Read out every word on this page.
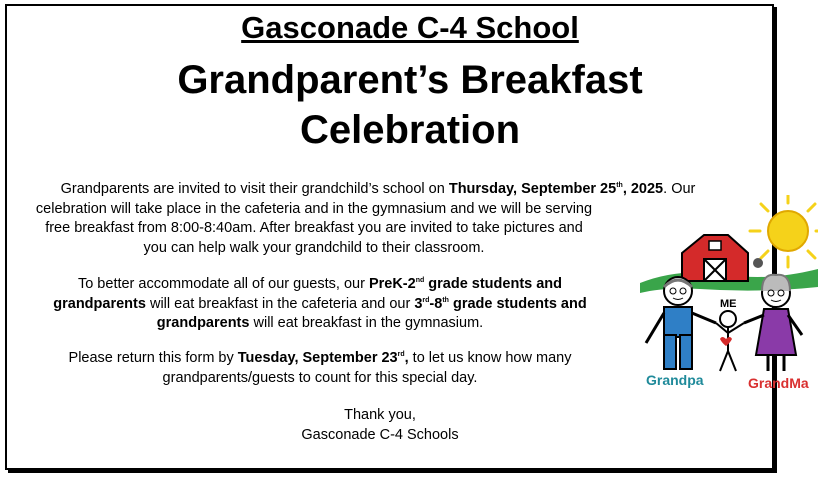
Gasconade C-4 School
Grandparent’s Breakfast
Celebration
Grandparents are invited to visit their grandchild’s school on Thursday, September 25th, 2025. Our
celebration will take place in the cafeteria and in the gymnasium and we will be serving
free breakfast from 8:00-8:40am. After breakfast you are invited to take pictures and
you can help walk your grandchild to their classroom.
To better accommodate all of our guests, our PreK-2nd grade students and
grandparents will eat breakfast in the cafeteria and our 3rd-8th grade students and
grandparents will eat breakfast in the gymnasium.
Please return this form by Tuesday, September 23rd, to let us know how many
grandparents/guests to count for this special day.
Thank you,
Gasconade C-4 Schools
ME
Grandpa	GrandMa
